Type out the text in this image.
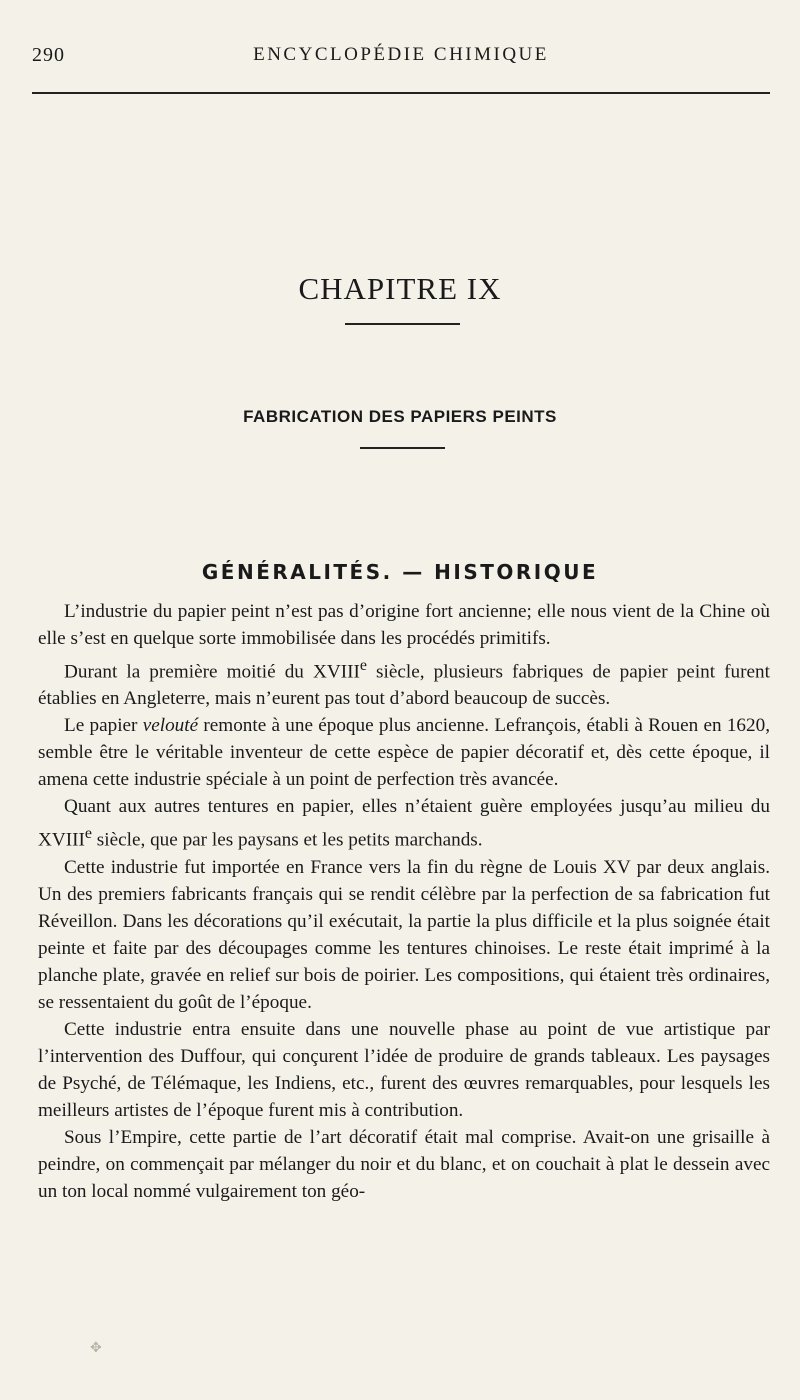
290	ENCYCLOPÉDIE CHIMIQUE
CHAPITRE IX
FABRICATION DES PAPIERS PEINTS
GÉNÉRALITÉS. — HISTORIQUE

L’industrie du papier peint n’est pas d’origine fort ancienne; elle nous vient de la Chine où elle s’est en quelque sorte immobilisée dans les procédés primitifs.

Durant la première moitié du XVIIIe siècle, plusieurs fabriques de papier peint furent établies en Angleterre, mais n’eurent pas tout d’abord beaucoup de succès.

Le papier velouté remonte à une époque plus ancienne. Lefrançois, établi à Rouen en 1620, semble être le véritable inventeur de cette espèce de papier décoratif et, dès cette époque, il amena cette industrie spéciale à un point de perfection très avancée.

Quant aux autres tentures en papier, elles n’étaient guère employées jusqu’au milieu du XVIIIe siècle, que par les paysans et les petits marchands.

Cette industrie fut importée en France vers la fin du règne de Louis XV par deux anglais. Un des premiers fabricants français qui se rendit célèbre par la perfection de sa fabrication fut Réveillon. Dans les décorations qu’il exécutait, la partie la plus difficile et la plus soignée était peinte et faite par des découpages comme les tentures chinoises. Le reste était imprimé à la planche plate, gravée en relief sur bois de poirier. Les compositions, qui étaient très ordinaires, se ressentaient du goût de l’époque.

Cette industrie entra ensuite dans une nouvelle phase au point de vue artistique par l’intervention des Duffour, qui conçurent l’idée de produire de grands tableaux. Les paysages de Psyché, de Télémaque, les Indiens, etc., furent des œuvres remarquables, pour lesquels les meilleurs artistes de l’époque furent mis à contribution.

Sous l’Empire, cette partie de l’art décoratif était mal comprise. Avait-on une grisaille à peindre, on commençait par mélanger du noir et du blanc, et on couchait à plat le dessein avec un ton local nommé vulgairement ton géo-

✥
